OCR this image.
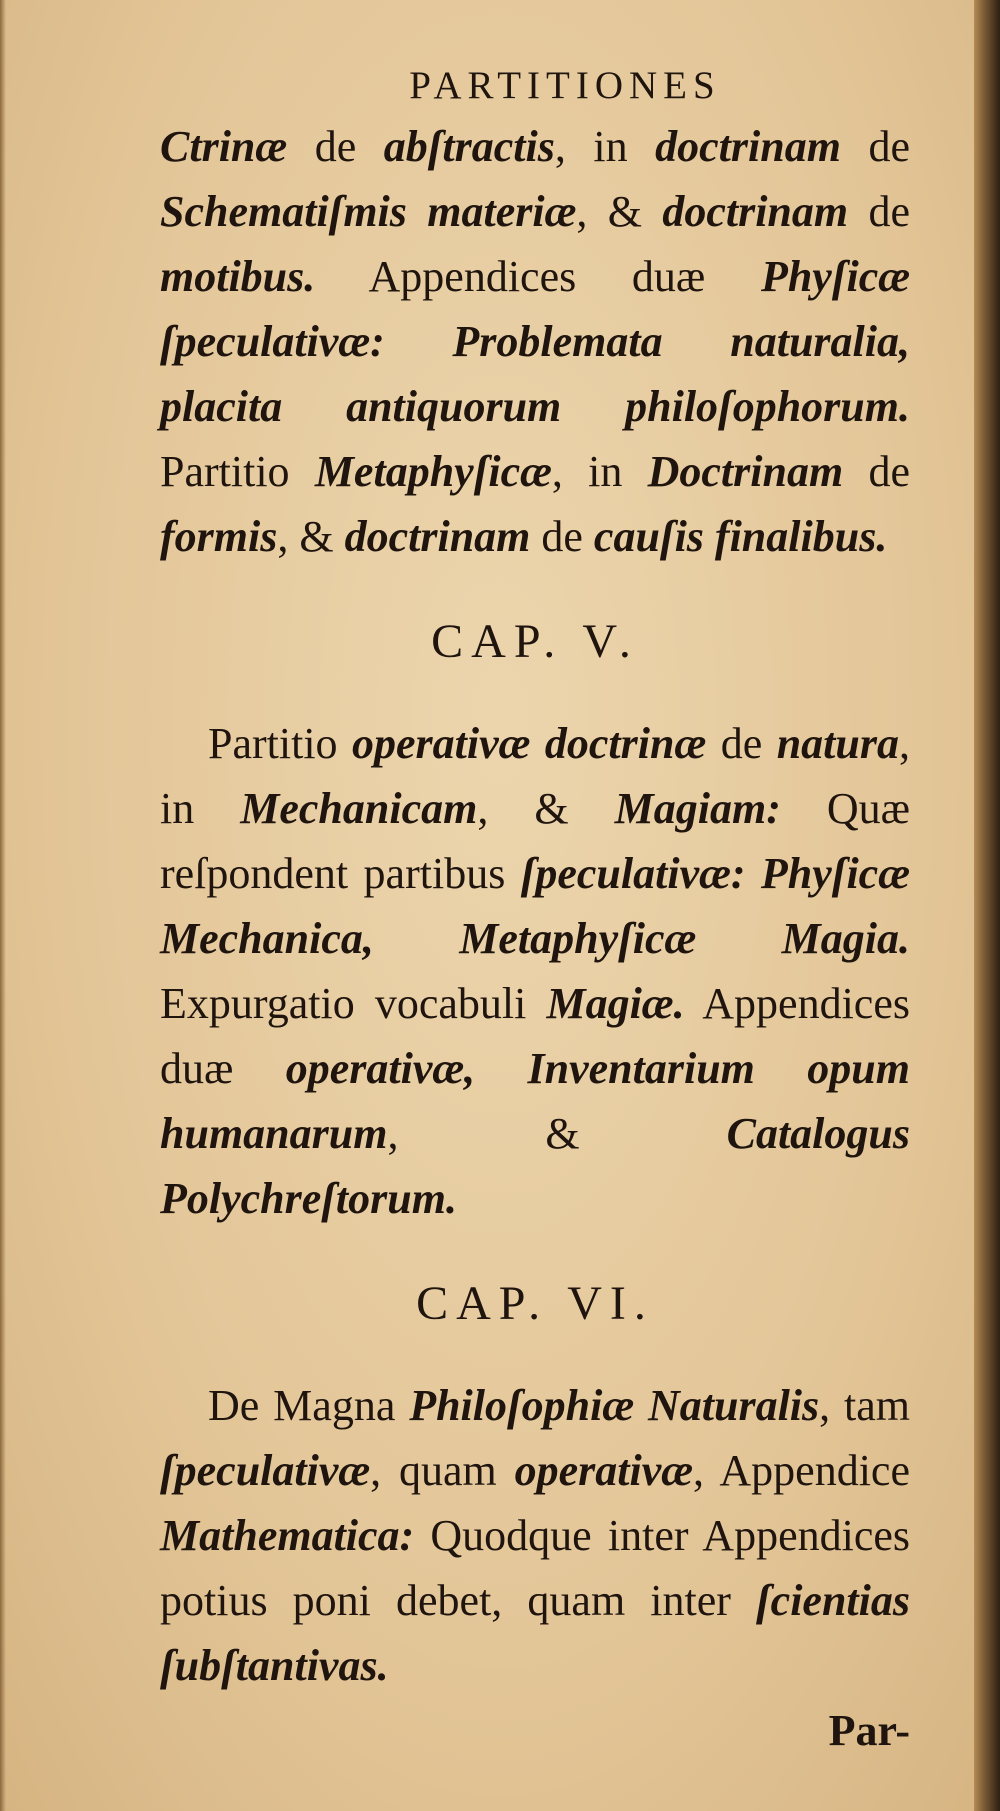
PARTITIONES

Ctrinæ de abſtractis, in doctrinam de Schematiſmis materiæ, & doctrinam de motibus. Appendices duæ Phyſicæ ſpeculativæ: Problemata naturalia, placita antiquorum philoſophorum. Partitio Metaphyſicæ, in Doctrinam de formis, & doctrinam de cauſis finalibus.

CAP. V.

Partitio operativæ doctrinæ de natura, in Mechanicam, & Magiam: Quæ reſpondent partibus ſpeculativæ: Phyſicæ Mechanica, Metaphyſicæ Magia. Expurgatio vocabuli Magiæ. Appendices duæ operativæ, Inventarium opum humanarum, & Catalogus Polychreſtorum.

CAP. VI.

De Magna Philoſophiæ Naturalis, tam ſpeculativæ, quam operativæ, Appendice Mathematica: Quodque inter Appendices potius poni debet, quam inter ſcientias ſubſtantivas.

Par-
